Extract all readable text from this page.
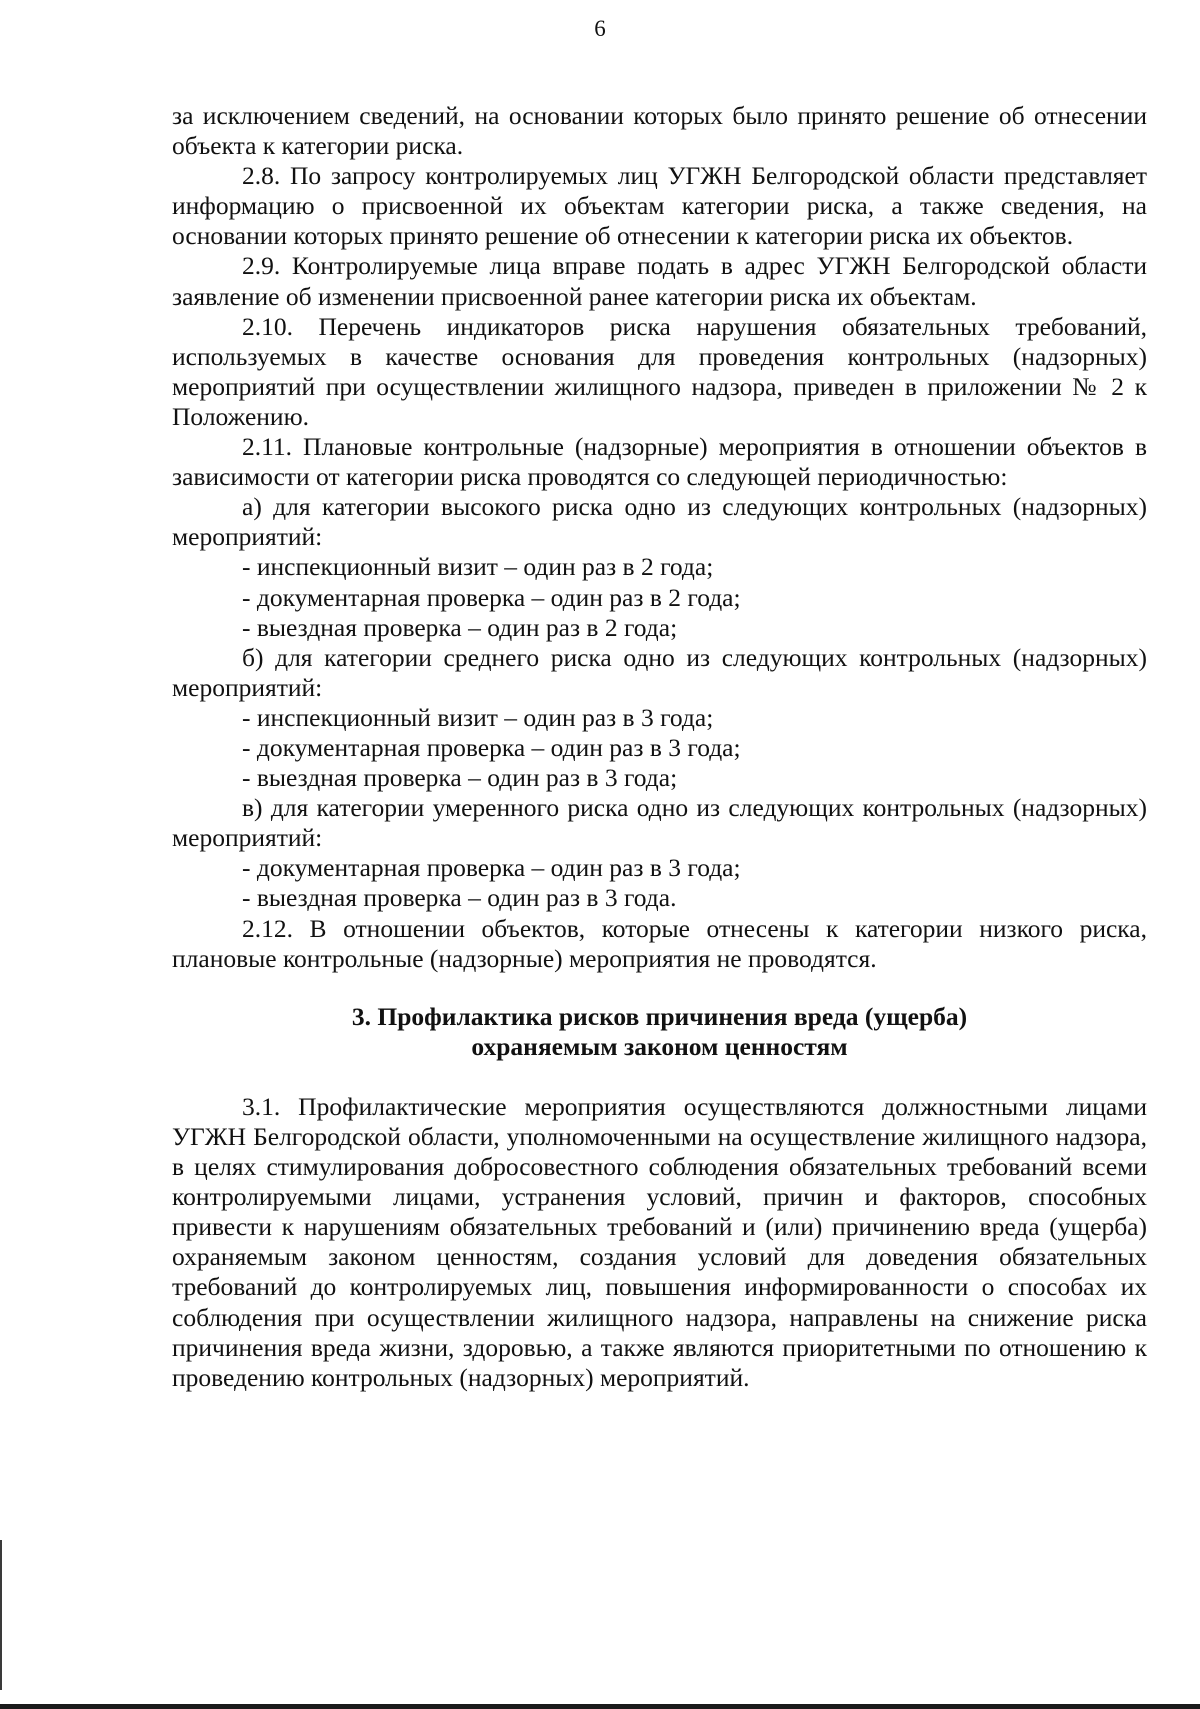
6

за исключением сведений, на основании которых было принято решение об отнесении объекта к категории риска.

2.8. По запросу контролируемых лиц УГЖН Белгородской области представляет информацию о присвоенной их объектам категории риска, а также сведения, на основании которых принято решение об отнесении к категории риска их объектов.

2.9. Контролируемые лица вправе подать в адрес УГЖН Белгородской области заявление об изменении присвоенной ранее категории риска их объектам.

2.10. Перечень индикаторов риска нарушения обязательных требований, используемых в качестве основания для проведения контрольных (надзорных) мероприятий при осуществлении жилищного надзора, приведен в приложении № 2 к Положению.

2.11. Плановые контрольные (надзорные) мероприятия в отношении объектов в зависимости от категории риска проводятся со следующей периодичностью:

а) для категории высокого риска одно из следующих контрольных (надзорных) мероприятий:

- инспекционный визит – один раз в 2 года;

- документарная проверка – один раз в 2 года;

- выездная проверка – один раз в 2 года;

б) для категории среднего риска одно из следующих контрольных (надзорных) мероприятий:

- инспекционный визит – один раз в 3 года;

- документарная проверка – один раз в 3 года;

- выездная проверка – один раз в 3 года;

в) для категории умеренного риска одно из следующих контрольных (надзорных) мероприятий:

- документарная проверка – один раз в 3 года;

- выездная проверка – один раз в 3 года.

2.12. В отношении объектов, которые отнесены к категории низкого риска, плановые контрольные (надзорные) мероприятия не проводятся.

3. Профилактика рисков причинения вреда (ущерба)

охраняемым законом ценностям

3.1. Профилактические мероприятия осуществляются должностными лицами УГЖН Белгородской области, уполномоченными на осуществление жилищного надзора, в целях стимулирования добросовестного соблюдения обязательных требований всеми контролируемыми лицами, устранения условий, причин и факторов, способных привести к нарушениям обязательных требований и (или) причинению вреда (ущерба) охраняемым законом ценностям, создания условий для доведения обязательных требований до контролируемых лиц, повышения информированности о способах их соблюдения при осуществлении жилищного надзора, направлены на снижение риска причинения вреда жизни, здоровью, а также являются приоритетными по отношению к проведению контрольных (надзорных) мероприятий.
